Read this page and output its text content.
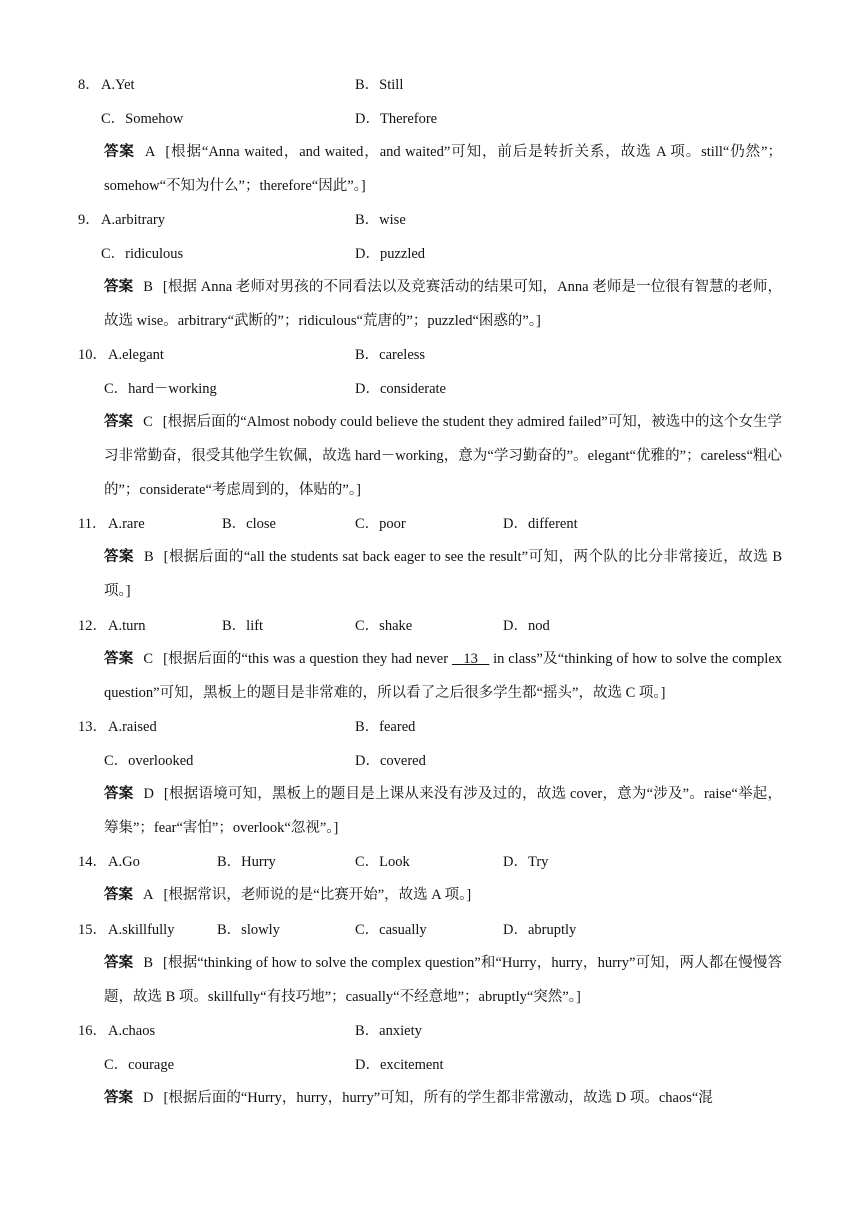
8． A.Yet	B．Still
C．Somehow	D．Therefore
答案 A [根据“Anna waited，and waited，and waited”可知，前后是转折关系，故选 A 项。still“仍然”；somehow“不知为什么”；therefore“因此”。]
9． A.arbitrary	B．wise
C．ridiculous	D．puzzled
答案 B [根据 Anna 老师对男孩的不同看法以及竞赛活动的结果可知，Anna 老师是一位很有智慧的老师，故选 wise。arbitrary“武断的”；ridiculous“荒唐的”；puzzled“困惑的”。]
10． A.elegant	B．careless
C．hard－working	D．considerate
答案 C [根据后面的“Almost nobody could believe the student they admired failed”可知，被选中的这个女生学习非常勤奋，很受其他学生钦佩，故选 hard－working，意为“学习勤奋的”。elegant“优雅的”；careless“粗心的”；considerate“考虑周到的，体贴的”。]
11． A.rare	B．close	C．poor	D．different
答案 B [根据后面的“all the students sat back eager to see the result”可知，两个队的比分非常接近，故选 B 项。]
12． A.turn	B．lift	C．shake	D．nod
答案 C [根据后面的“this was a question they had never    13    in class”及“thinking of how to solve the complex question”可知，黑板上的题目是非常难的，所以看了之后很多学生都“摇头”，故选 C 项。]
13． A.raised	B．feared
C．overlooked	D．covered
答案 D [根据语境可知，黑板上的题目是上课从来没有涉及过的，故选 cover，意为“涉及”。raise“举起，筹集”；fear“害怕”；overlook“忽视”。]
14． A.Go	B．Hurry	C．Look	D．Try
答案 A [根据常识，老师说的是“比赛开始”，故选 A 项。]
15． A.skillfully	B．slowly	C．casually	D．abruptly
答案 B [根据“thinking of how to solve the complex question”和“Hurry，hurry，hurry”可知，两人都在慢慢答题，故选 B 项。skillfully“有技巧地”；casually“不经意地”；abruptly“突然”。]
16． A.chaos	B．anxiety
C．courage	D．excitement
答案 D [根据后面的“Hurry，hurry，hurry”可知，所有的学生都非常激动，故选 D 项。chaos“混
